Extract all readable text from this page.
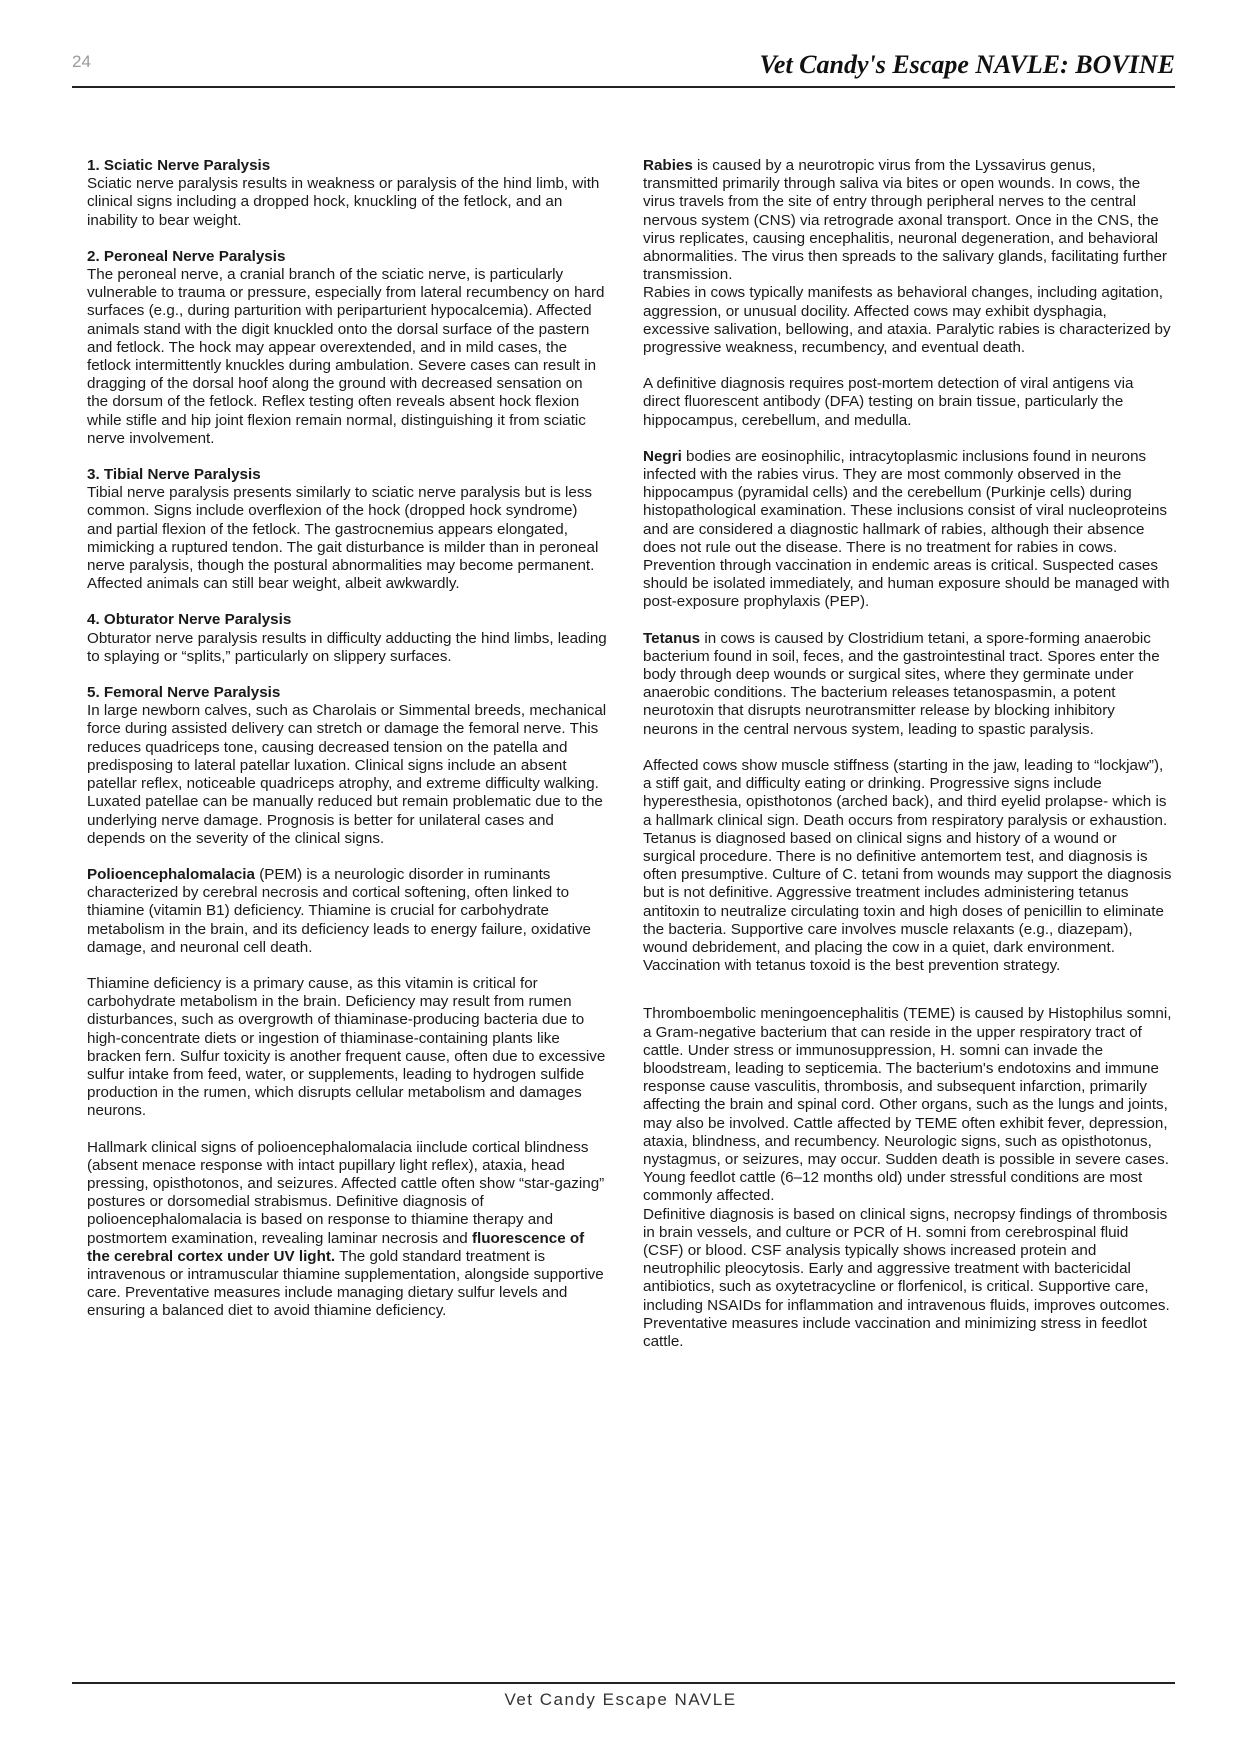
24	Vet Candy's Escape NAVLE: BOVINE
1. Sciatic Nerve Paralysis

Sciatic nerve paralysis results in weakness or paralysis of the hind limb, with clinical signs including a dropped hock, knuckling of the fetlock, and an inability to bear weight.

2. Peroneal Nerve Paralysis

The peroneal nerve, a cranial branch of the sciatic nerve, is particularly vulnerable to trauma or pressure, especially from lateral recumbency on hard surfaces (e.g., during parturition with periparturient hypocalcemia). Affected animals stand with the digit knuckled onto the dorsal surface of the pastern and fetlock. The hock may appear overextended, and in mild cases, the fetlock intermittently knuckles during ambulation. Severe cases can result in dragging of the dorsal hoof along the ground with decreased sensation on the dorsum of the fetlock. Reflex testing often reveals absent hock flexion while stifle and hip joint flexion remain normal, distinguishing it from sciatic nerve involvement.

3. Tibial Nerve Paralysis

Tibial nerve paralysis presents similarly to sciatic nerve paralysis but is less common. Signs include overflexion of the hock (dropped hock syndrome) and partial flexion of the fetlock. The gastrocnemius appears elongated, mimicking a ruptured tendon. The gait disturbance is milder than in peroneal nerve paralysis, though the postural abnormalities may become permanent. Affected animals can still bear weight, albeit awkwardly.

4. Obturator Nerve Paralysis

Obturator nerve paralysis results in difficulty adducting the hind limbs, leading to splaying or “splits,” particularly on slippery surfaces.

5. Femoral Nerve Paralysis

In large newborn calves, such as Charolais or Simmental breeds, mechanical force during assisted delivery can stretch or damage the femoral nerve. This reduces quadriceps tone, causing decreased tension on the patella and predisposing to lateral patellar luxation. Clinical signs include an absent patellar reflex, noticeable quadriceps atrophy, and extreme difficulty walking. Luxated patellae can be manually reduced but remain problematic due to the underlying nerve damage. Prognosis is better for unilateral cases and depends on the severity of the clinical signs.

Polioencephalomalacia (PEM) is a neurologic disorder in ruminants characterized by cerebral necrosis and cortical softening, often linked to thiamine (vitamin B1) deficiency. Thiamine is crucial for carbohydrate metabolism in the brain, and its deficiency leads to energy failure, oxidative damage, and neuronal cell death.

Thiamine deficiency is a primary cause, as this vitamin is critical for carbohydrate metabolism in the brain. Deficiency may result from rumen disturbances, such as overgrowth of thiaminase-producing bacteria due to high-concentrate diets or ingestion of thiaminase-containing plants like bracken fern. Sulfur toxicity is another frequent cause, often due to excessive sulfur intake from feed, water, or supplements, leading to hydrogen sulfide production in the rumen, which disrupts cellular metabolism and damages neurons.

Hallmark clinical signs of polioencephalomalacia iinclude cortical blindness (absent menace response with intact pupillary light reflex), ataxia, head pressing, opisthotonos, and seizures. Affected cattle often show “star-gazing” postures or dorsomedial strabismus. Definitive diagnosis of polioencephalomalacia is based on response to thiamine therapy and postmortem examination, revealing laminar necrosis and fluorescence of the cerebral cortex under UV light. The gold standard treatment is intravenous or intramuscular thiamine supplementation, alongside supportive care. Preventative measures include managing dietary sulfur levels and ensuring a balanced diet to avoid thiamine deficiency.

Rabies is caused by a neurotropic virus from the Lyssavirus genus, transmitted primarily through saliva via bites or open wounds. In cows, the virus travels from the site of entry through peripheral nerves to the central nervous system (CNS) via retrograde axonal transport. Once in the CNS, the virus replicates, causing encephalitis, neuronal degeneration, and behavioral abnormalities. The virus then spreads to the salivary glands, facilitating further transmission.

Rabies in cows typically manifests as behavioral changes, including agitation, aggression, or unusual docility. Affected cows may exhibit dysphagia, excessive salivation, bellowing, and ataxia. Paralytic rabies is characterized by progressive weakness, recumbency, and eventual death.

A definitive diagnosis requires post-mortem detection of viral antigens via direct fluorescent antibody (DFA) testing on brain tissue, particularly the hippocampus, cerebellum, and medulla.

Negri bodies are eosinophilic, intracytoplasmic inclusions found in neurons infected with the rabies virus. They are most commonly observed in the hippocampus (pyramidal cells) and the cerebellum (Purkinje cells) during histopathological examination. These inclusions consist of viral nucleoproteins and are considered a diagnostic hallmark of rabies, although their absence does not rule out the disease. There is no treatment for rabies in cows. Prevention through vaccination in endemic areas is critical. Suspected cases should be isolated immediately, and human exposure should be managed with post-exposure prophylaxis (PEP).

Tetanus in cows is caused by Clostridium tetani, a spore-forming anaerobic bacterium found in soil, feces, and the gastrointestinal tract. Spores enter the body through deep wounds or surgical sites, where they germinate under anaerobic conditions. The bacterium releases tetanospasmin, a potent neurotoxin that disrupts neurotransmitter release by blocking inhibitory neurons in the central nervous system, leading to spastic paralysis.

Affected cows show muscle stiffness (starting in the jaw, leading to “lockjaw”), a stiff gait, and difficulty eating or drinking. Progressive signs include hyperesthesia, opisthotonos (arched back), and third eyelid prolapse- which is a hallmark clinical sign. Death occurs from respiratory paralysis or exhaustion. Tetanus is diagnosed based on clinical signs and history of a wound or surgical procedure. There is no definitive antemortem test, and diagnosis is often presumptive. Culture of C. tetani from wounds may support the diagnosis but is not definitive. Aggressive treatment includes administering tetanus antitoxin to neutralize circulating toxin and high doses of penicillin to eliminate the bacteria. Supportive care involves muscle relaxants (e.g., diazepam), wound debridement, and placing the cow in a quiet, dark environment. Vaccination with tetanus toxoid is the best prevention strategy.

Thromboembolic meningoencephalitis (TEME) is caused by Histophilus somni, a Gram-negative bacterium that can reside in the upper respiratory tract of cattle. Under stress or immunosuppression, H. somni can invade the bloodstream, leading to septicemia. The bacterium's endotoxins and immune response cause vasculitis, thrombosis, and subsequent infarction, primarily affecting the brain and spinal cord. Other organs, such as the lungs and joints, may also be involved. Cattle affected by TEME often exhibit fever, depression, ataxia, blindness, and recumbency. Neurologic signs, such as opisthotonus, nystagmus, or seizures, may occur. Sudden death is possible in severe cases. Young feedlot cattle (6–12 months old) under stressful conditions are most commonly affected.

Definitive diagnosis is based on clinical signs, necropsy findings of thrombosis in brain vessels, and culture or PCR of H. somni from cerebrospinal fluid (CSF) or blood. CSF analysis typically shows increased protein and neutrophilic pleocytosis. Early and aggressive treatment with bactericidal antibiotics, such as oxytetracycline or florfenicol, is critical. Supportive care, including NSAIDs for inflammation and intravenous fluids, improves outcomes. Preventative measures include vaccination and minimizing stress in feedlot cattle.

Vet Candy Escape NAVLE
